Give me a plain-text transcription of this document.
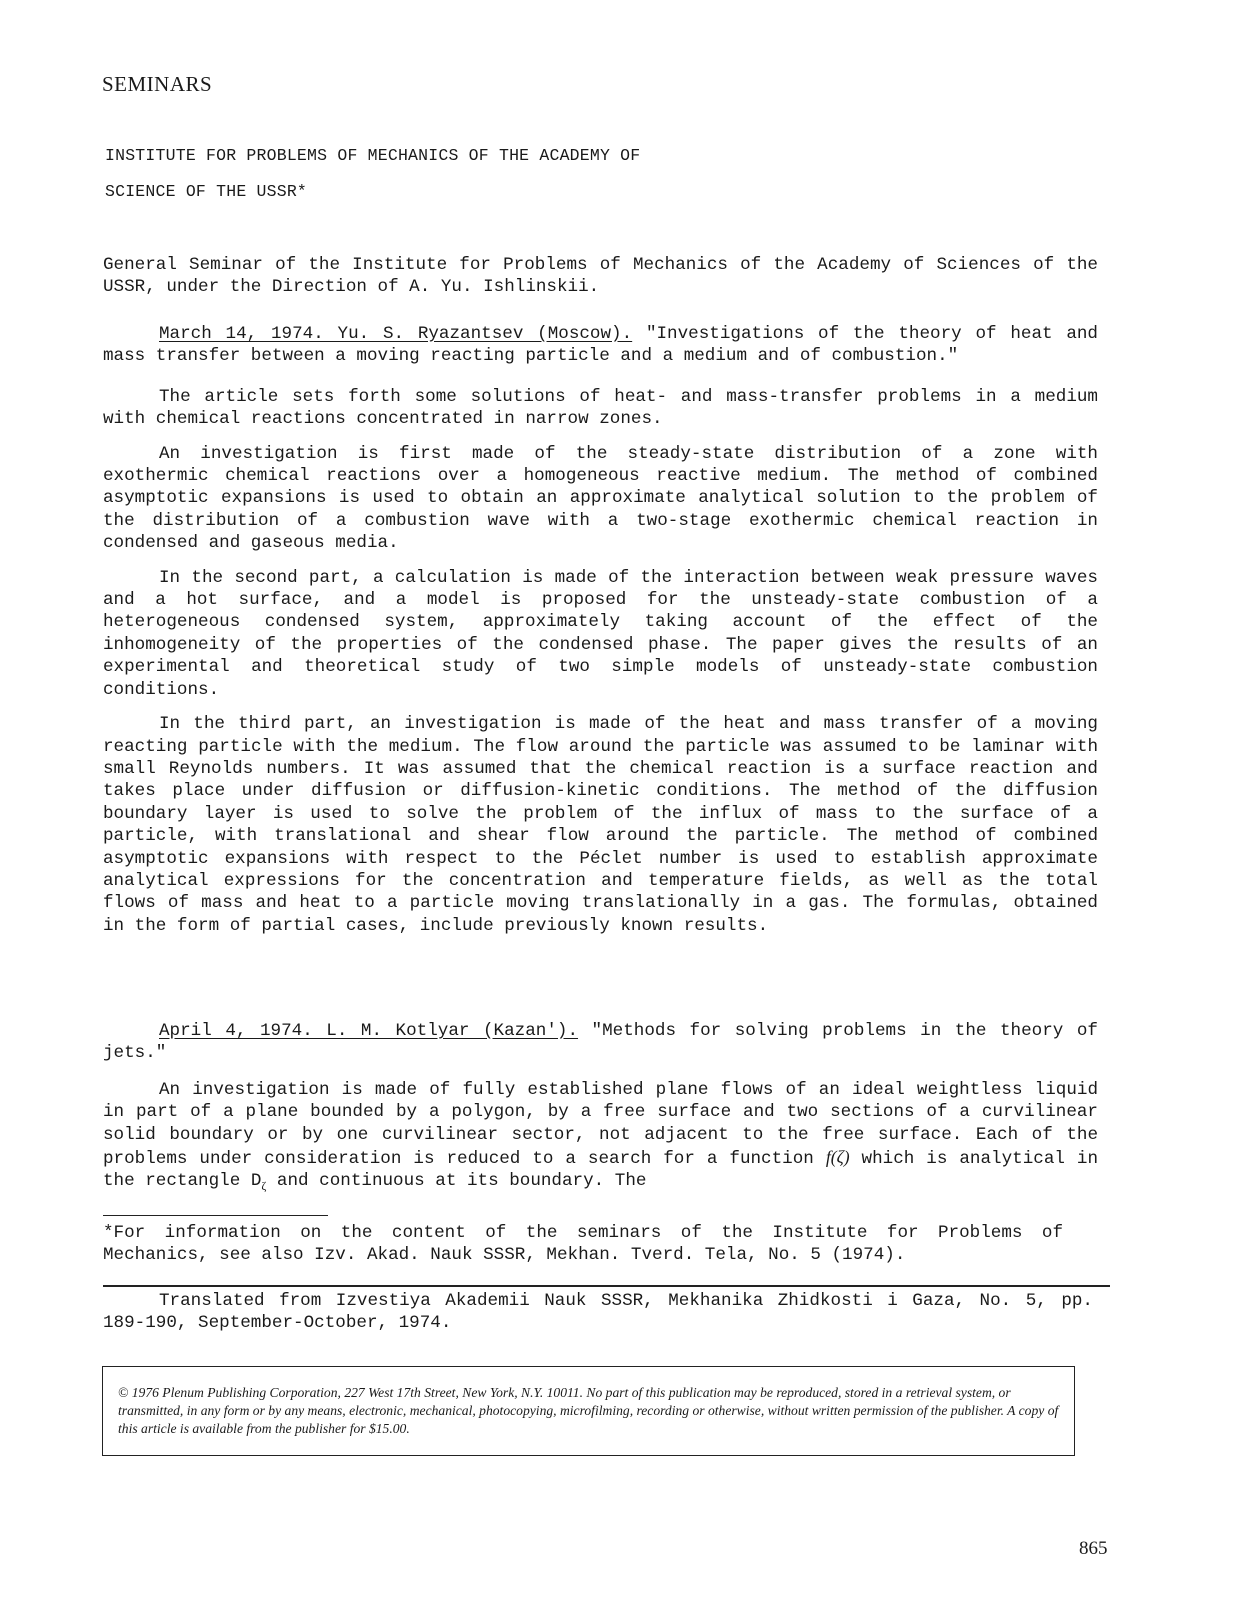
SEMINARS
INSTITUTE FOR PROBLEMS OF MECHANICS OF THE ACADEMY OF
SCIENCE OF THE USSR*

General Seminar of the Institute for Problems of Mechanics of the Academy of Sciences of the USSR, under the Direction of A. Yu. Ishlinskii.

March 14, 1974. Yu. S. Ryazantsev (Moscow). "Investigations of the theory of heat and mass transfer between a moving reacting particle and a medium and of combustion."

The article sets forth some solutions of heat- and mass-transfer problems in a medium with chemical reactions concentrated in narrow zones.

An investigation is first made of the steady-state distribution of a zone with exothermic chemical reactions over a homogeneous reactive medium. The method of combined asymptotic expansions is used to obtain an approximate analytical solution to the problem of the distribution of a combustion wave with a two-stage exothermic chemical reaction in condensed and gaseous media.

In the second part, a calculation is made of the interaction between weak pressure waves and a hot surface, and a model is proposed for the unsteady-state combustion of a heterogeneous condensed system, approximately taking account of the effect of the inhomogeneity of the properties of the condensed phase. The paper gives the results of an experimental and theoretical study of two simple models of unsteady-state combustion conditions.

In the third part, an investigation is made of the heat and mass transfer of a moving reacting particle with the medium. The flow around the particle was assumed to be laminar with small Reynolds numbers. It was assumed that the chemical reaction is a surface reaction and takes place under diffusion or diffusion-kinetic conditions. The method of the diffusion boundary layer is used to solve the problem of the influx of mass to the surface of a particle, with translational and shear flow around the particle. The method of combined asymptotic expansions with respect to the Péclet number is used to establish approximate analytical expressions for the concentration and temperature fields, as well as the total flows of mass and heat to a particle moving translationally in a gas. The formulas, obtained in the form of partial cases, include previously known results.

April 4, 1974. L. M. Kotlyar (Kazan'). "Methods for solving problems in the theory of jets."

An investigation is made of fully established plane flows of an ideal weightless liquid in part of a plane bounded by a polygon, by a free surface and two sections of a curvilinear solid boundary or by one curvilinear sector, not adjacent to the free surface. Each of the problems under consideration is reduced to a search for a function f(ζ) which is analytical in the rectangle $D_\zeta$ and continuous at its boundary. The

*For information on the content of the seminars of the Institute for Problems of Mechanics, see also Izv. Akad. Nauk SSSR, Mekhan. Tverd. Tela, No. 5 (1974).

Translated from Izvestiya Akademii Nauk SSSR, Mekhanika Zhidkosti i Gaza, No. 5, pp. 189-190, September-October, 1974.

© 1976 Plenum Publishing Corporation, 227 West 17th Street, New York, N.Y. 10011. No part of this publication may be reproduced, stored in a retrieval system, or transmitted, in any form or by any means, electronic, mechanical, photocopying, microfilming, recording or otherwise, without written permission of the publisher. A copy of this article is available from the publisher for $15.00.
865
